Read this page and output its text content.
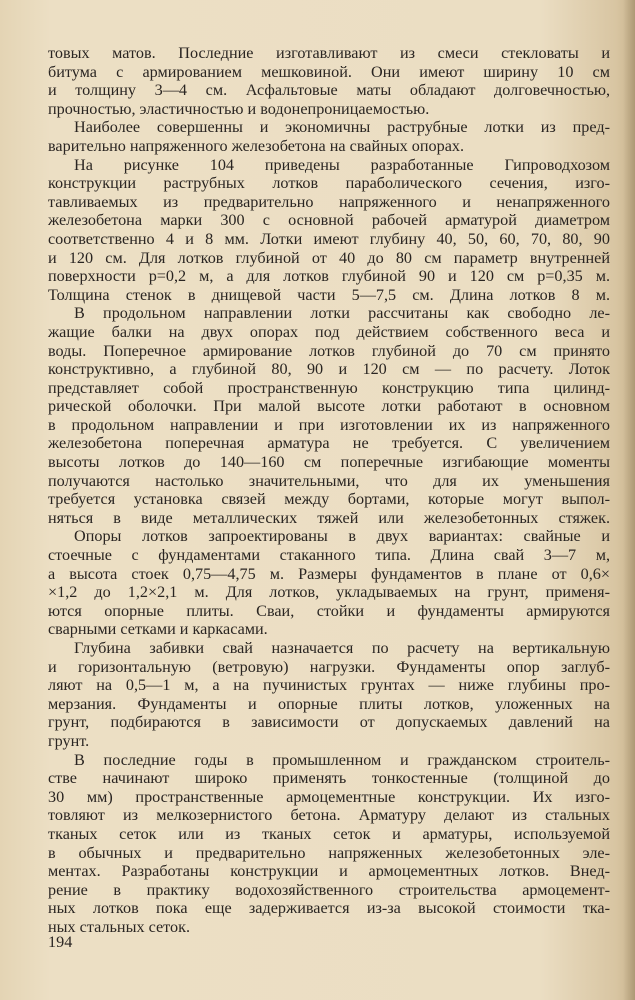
товых матов. Последние изготавливают из смеси стекловаты и
битума с армированием мешковиной. Они имеют ширину 10 см
и толщину 3—4 см. Асфальтовые маты обладают долговечностью,
прочностью, эластичностью и водонепроницаемостью.
Наиболее совершенны и экономичны раструбные лотки из пред-
варительно напряженного железобетона на свайных опорах.
На рисунке 104 приведены разработанные Гипроводхозом
конструкции раструбных лотков параболического сечения, изго-
тавливаемых из предварительно напряженного и ненапряженного
железобетона марки 300 с основной рабочей арматурой диаметром
соответственно 4 и 8 мм. Лотки имеют глубину 40, 50, 60, 70, 80, 90
и 120 см. Для лотков глубиной от 40 до 80 см параметр внутренней
поверхности p=0,2 м, а для лотков глубиной 90 и 120 см p=0,35 м.
Толщина стенок в днищевой части 5—7,5 см. Длина лотков 8 м.
В продольном направлении лотки рассчитаны как свободно ле-
жащие балки на двух опорах под действием собственного веса и
воды. Поперечное армирование лотков глубиной до 70 см принято
конструктивно, а глубиной 80, 90 и 120 см — по расчету. Лоток
представляет собой пространственную конструкцию типа цилинд-
рической оболочки. При малой высоте лотки работают в основном
в продольном направлении и при изготовлении их из напряженного
железобетона поперечная арматура не требуется. С увеличением
высоты лотков до 140—160 см поперечные изгибающие моменты
получаются настолько значительными, что для их уменьшения
требуется установка связей между бортами, которые могут выпол-
няться в виде металлических тяжей или железобетонных стяжек.
Опоры лотков запроектированы в двух вариантах: свайные и
стоечные с фундаментами стаканного типа. Длина свай 3—7 м,
а высота стоек 0,75—4,75 м. Размеры фундаментов в плане от 0,6×
×1,2 до 1,2×2,1 м. Для лотков, укладываемых на грунт, применя-
ются опорные плиты. Сваи, стойки и фундаменты армируются
сварными сетками и каркасами.
Глубина забивки свай назначается по расчету на вертикальную
и горизонтальную (ветровую) нагрузки. Фундаменты опор заглуб-
ляют на 0,5—1 м, а на пучинистых грунтах — ниже глубины про-
мерзания. Фундаменты и опорные плиты лотков, уложенных на
грунт, подбираются в зависимости от допускаемых давлений на
грунт.
В последние годы в промышленном и гражданском строитель-
стве начинают широко применять тонкостенные (толщиной до
30 мм) пространственные армоцементные конструкции. Их изго-
товляют из мелкозернистого бетона. Арматуру делают из стальных
тканых сеток или из тканых сеток и арматуры, используемой
в обычных и предварительно напряженных железобетонных эле-
ментах. Разработаны конструкции и армоцементных лотков. Внед-
рение в практику водохозяйственного строительства армоцемент-
ных лотков пока еще задерживается из-за высокой стоимости тка-
ных стальных сеток.
194
